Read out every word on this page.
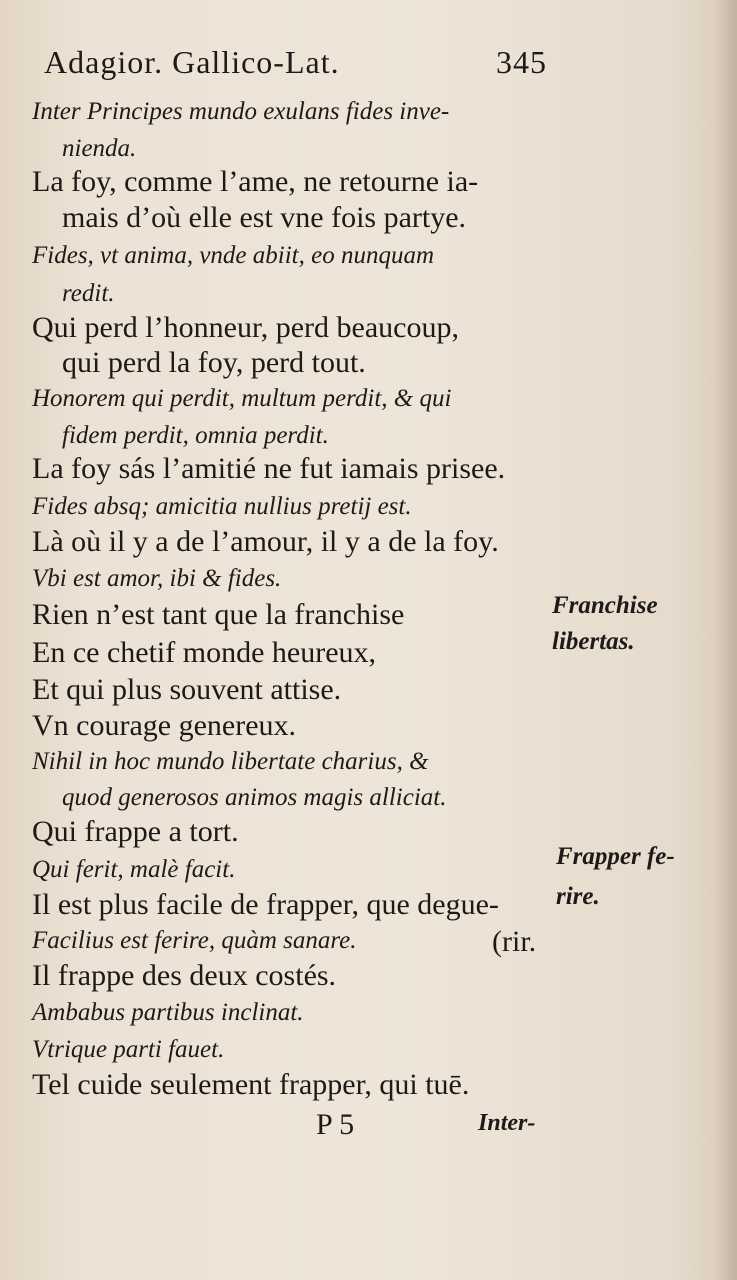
Adagior. Gallico-Lat.	345
Inter Principes mundo exulans fides inve-
nienda.
La foy, comme l’ame, ne retourne ia-
mais d’où elle est vne fois partye.
Fides, vt anima, vnde abiit, eo nunquam
redit.
Qui perd l’honneur, perd beaucoup,
qui perd la foy, perd tout.
Honorem qui perdit, multum perdit, & qui
fidem perdit, omnia perdit.
La foy sás l’amitié ne fut iamais prisee.
Fides absq; amicitia nullius pretij est.
Là où il y a de l’amour, il y a de la foy.
Vbi est amor, ibi & fides.
Rien n’est tant que la franchise
En ce chetif monde heureux,
Et qui plus souvent attise.
Vn courage genereux.
Nihil in hoc mundo libertate charius, &
quod generosos animos magis alliciat.
Qui frappe a tort.
Qui ferit, malè facit.
Il est plus facile de frapper, que degue-
Facilius est ferire, quàm sanare.	(rir.
Il frappe des deux costés.
Ambabus partibus inclinat.
Vtrique parti fauet.
Tel cuide seulement frapper, qui tuē.
Franchise
libertas.
Frapper fe-
rire.
P 5	Inter-
